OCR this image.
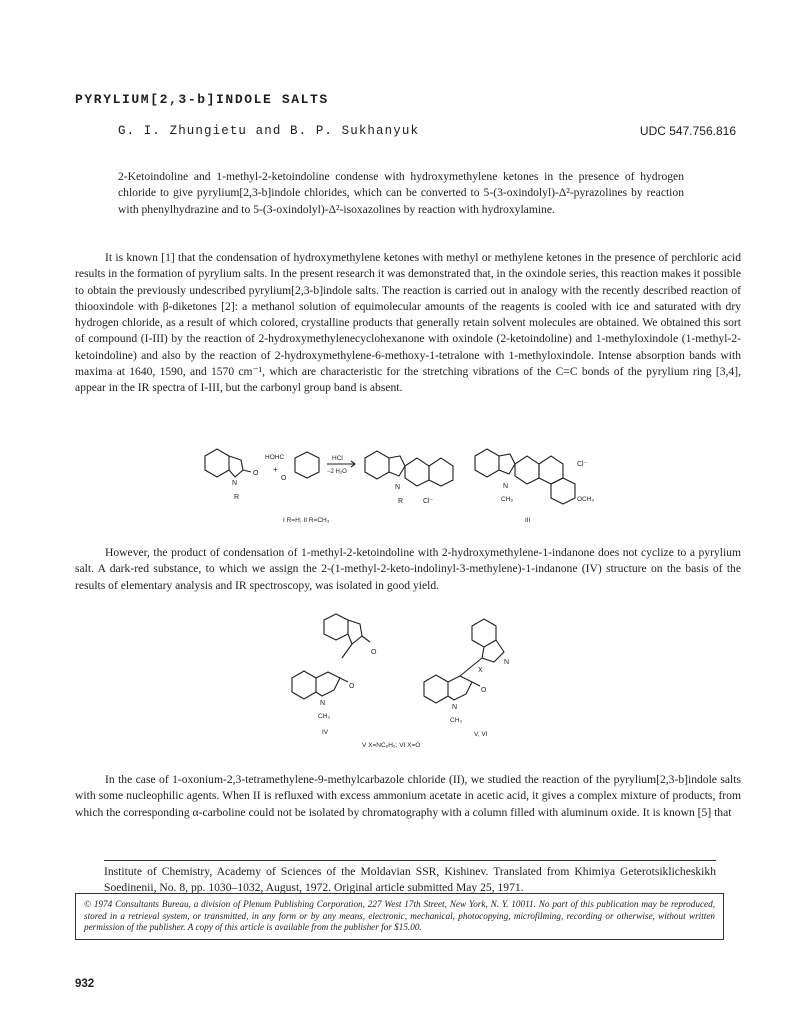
PYRYLIUM[2,3-b]INDOLE SALTS
G. I. Zhungietu and B. P. Sukhanyuk	UDC 547.756.816
2-Ketoindoline and 1-methyl-2-ketoindoline condense with hydroxymethylene ketones in the presence of hydrogen chloride to give pyrylium[2,3-b]indole chlorides, which can be converted to 5-(3-oxindolyl)-Δ²-pyrazolines by reaction with phenylhydrazine and to 5-(3-oxindolyl)-Δ²-isoxazolines by reaction with hydroxylamine.
It is known [1] that the condensation of hydroxymethylene ketones with methyl or methylene ketones in the presence of perchloric acid results in the formation of pyrylium salts. In the present research it was demonstrated that, in the oxindole series, this reaction makes it possible to obtain the previously undescribed pyrylium[2,3-b]indole salts. The reaction is carried out in analogy with the recently described reaction of thiooxindole with β-diketones [2]: a methanol solution of equimolecular amounts of the reagents is cooled with ice and saturated with dry hydrogen chloride, as a result of which colored, crystalline products that generally retain solvent molecules are obtained. We obtained this sort of compound (I-III) by the reaction of 2-hydroxymethylenecyclohexanone with oxindole (2-ketoindoline) and 1-methyloxindole (1-methyl-2-ketoindoline) and also by the reaction of 2-hydroxymethylene-6-methoxy-1-tetralone with 1-methyloxindole. Intense absorption bands with maxima at 1640, 1590, and 1570 cm⁻¹, which are characteristic for the stretching vibrations of the C=C bonds of the pyrylium ring [3,4], appear in the IR spectra of I-III, but the carbonyl group band is absent.
O
N
R
HOHC
+
O
HCl
−2 H₂O
N
R	Cl⁻
Cl⁻
N
CH₃	OCH₃
I R=H; II R=CH₃	III
However, the product of condensation of 1-methyl-2-ketoindoline with 2-hydroxymethylene-1-indanone does not cyclize to a pyrylium salt. A dark-red substance, to which we assign the 2-(1-methyl-2-keto-indolinyl-3-methylene)-1-indanone (IV) structure on the basis of the results of elementary analysis and IR spectroscopy, was isolated in good yield.
O
O
N
CH₃
IV
N
X
O
N
CH₃
V, VI
V X=NC₆H₅; VI X=O
In the case of 1-oxonium-2,3-tetramethylene-9-methylcarbazole chloride (II), we studied the reaction of the pyrylium[2,3-b]indole salts with some nucleophilic agents. When II is refluxed with excess ammonium acetate in acetic acid, it gives a complex mixture of products, from which the corresponding α-carboline could not be isolated by chromatography with a column filled with aluminum oxide. It is known [5] that
Institute of Chemistry, Academy of Sciences of the Moldavian SSR, Kishinev. Translated from Khimiya Geterotsiklicheskikh Soedinenii, No. 8, pp. 1030–1032, August, 1972. Original article submitted May 25, 1971.
© 1974 Consultants Bureau, a division of Plenum Publishing Corporation, 227 West 17th Street, New York, N. Y. 10011. No part of this publication may be reproduced, stored in a retrieval system, or transmitted, in any form or by any means, electronic, mechanical, photocopying, microfilming, recording or otherwise, without written permission of the publisher. A copy of this article is available from the publisher for $15.00.
932
